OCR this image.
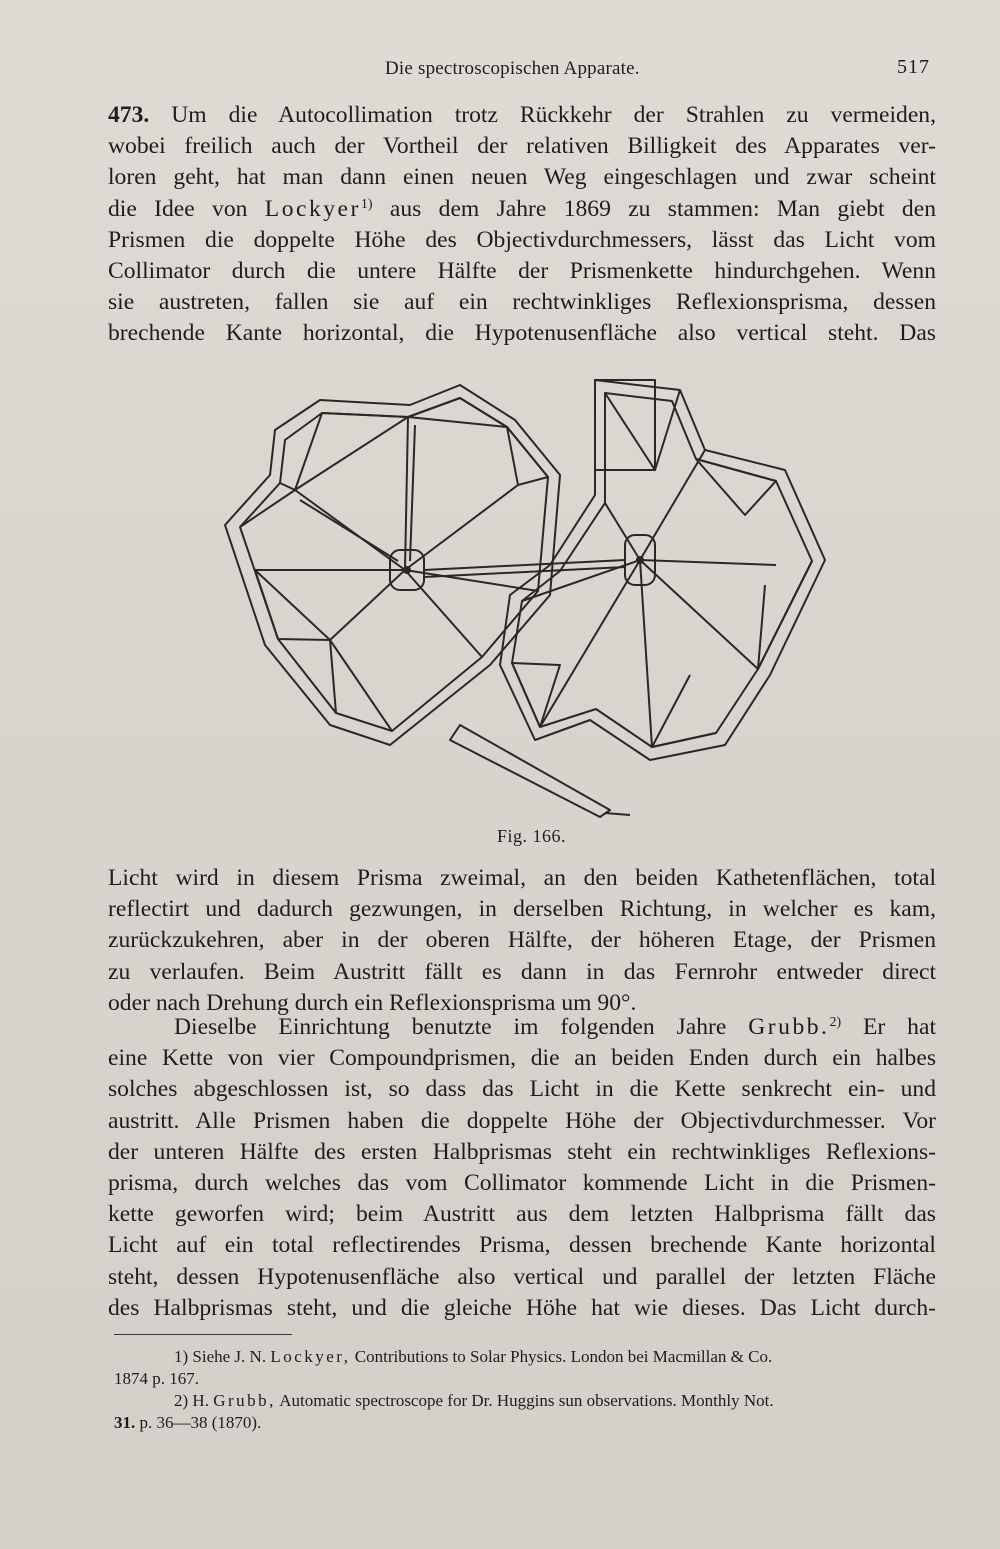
Die spectroscopischen Apparate.	517
473. Um die Autocollimation trotz Rückkehr der Strahlen zu vermeiden,
wobei freilich auch der Vortheil der relativen Billigkeit des Apparates ver-
loren geht, hat man dann einen neuen Weg eingeschlagen und zwar scheint
die Idee von Lockyer$^{1)}$ aus dem Jahre 1869 zu stammen: Man giebt den
Prismen die doppelte Höhe des Objectivdurchmessers, lässt das Licht vom
Collimator durch die untere Hälfte der Prismenkette hindurchgehen. Wenn
sie austreten, fallen sie auf ein rechtwinkliges Reflexionsprisma, dessen
brechende Kante horizontal, die Hypotenusenfläche also vertical steht. Das
Fig. 166.
Licht wird in diesem Prisma zweimal, an den beiden Kathetenflächen, total
reflectirt und dadurch gezwungen, in derselben Richtung, in welcher es kam,
zurückzukehren, aber in der oberen Hälfte, der höheren Etage, der Prismen
zu verlaufen. Beim Austritt fällt es dann in das Fernrohr entweder direct
oder nach Drehung durch ein Reflexionsprisma um 90°.
Dieselbe Einrichtung benutzte im folgenden Jahre Grubb.$^{2)}$ Er hat
eine Kette von vier Compoundprismen, die an beiden Enden durch ein halbes
solches abgeschlossen ist, so dass das Licht in die Kette senkrecht ein- und
austritt. Alle Prismen haben die doppelte Höhe der Objectivdurchmesser. Vor
der unteren Hälfte des ersten Halbprismas steht ein rechtwinkliges Reflexions-
prisma, durch welches das vom Collimator kommende Licht in die Prismen-
kette geworfen wird; beim Austritt aus dem letzten Halbprisma fällt das
Licht auf ein total reflectirendes Prisma, dessen brechende Kante horizontal
steht, dessen Hypotenusenfläche also vertical und parallel der letzten Fläche
des Halbprismas steht, und die gleiche Höhe hat wie dieses. Das Licht durch-
1) Siehe J. N. Lockyer, Contributions to Solar Physics. London bei Macmillan & Co.
1874 p. 167.
2) H. Grubb, Automatic spectroscope for Dr. Huggins sun observations. Monthly Not.
31. p. 36—38 (1870).
